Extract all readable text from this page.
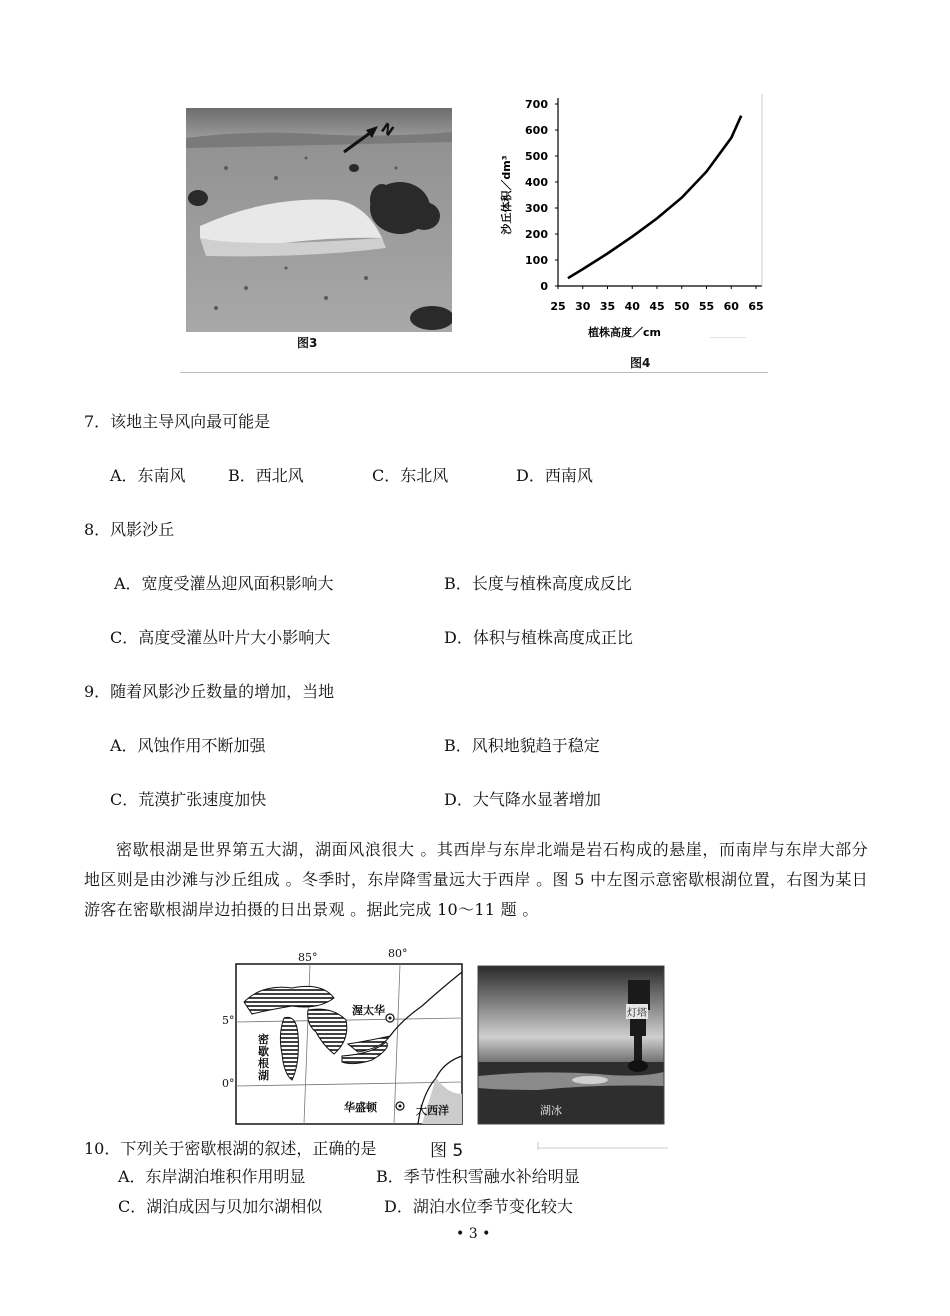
N
图3
25 30 35 40 45 50 55 60 65
0
100
200
300
400
500
600
700
沙丘体积／dm³
植株高度／cm	………………
图4
7．该地主导风向最可能是
A．东南风	B．西北风	C．东北风	D．西南风
8．风影沙丘
A．宽度受灌丛迎风面积影响大	B．长度与植株高度成反比
C．高度受灌丛叶片大小影响大	D．体积与植株高度成正比
9．随着风影沙丘数量的增加，当地
A．风蚀作用不断加强	B．风积地貌趋于稳定
C．荒漠扩张速度加快	D．大气降水显著增加
密歇根湖是世界第五大湖，湖面风浪很大 。其西岸与东岸北端是岩石构成的悬崖，而南岸与东岸大部分地区则是由沙滩与沙丘组成 。冬季时，东岸降雪量远大于西岸 。图 5 中左图示意密歇根湖位置，右图为某日游客在密歇根湖岸边拍摄的日出景观 。据此完成 10～11 题 。
85°	80°
5°
0°
密歇根湖
渥太华
华盛顿	大西洋
灯塔
湖冰
图 5
10．下列关于密歇根湖的叙述，正确的是
A．东岸湖泊堆积作用明显	B．季节性积雪融水补给明显
C．湖泊成因与贝加尔湖相似	D．湖泊水位季节变化较大
• 3 •
